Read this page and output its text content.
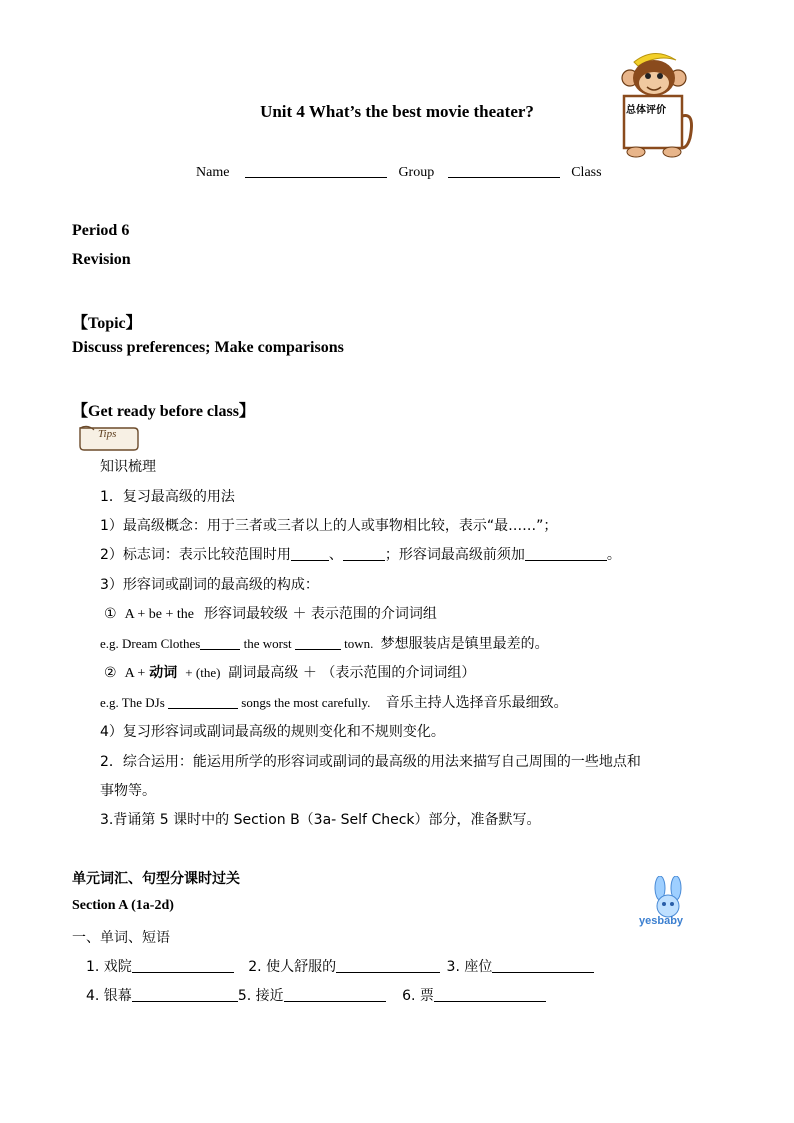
Unit 4 What’s the best movie theater?	总体评价
Name	Group	Class
Period 6
Revision
【Topic】
Discuss preferences; Make comparisons
【Get ready before class】
Tips
知识梳理
1．复习最高级的用法
1）最高级概念：用于三者或三者以上的人或事物相比较，表示“最……”；
2）标志词：表示比较范围时用	、	；形容词最高级前须加	。
3）形容词或副词的最高级的构成：
① A + be + the 形容词最较级 ＋ 表示范围的介词词组
e.g. Dream Clothes	the worst	town. 梦想服装店是镇里最差的。
② A + 动词 + (the) 副词最高级 ＋ （表示范围的介词词组）
e.g. The DJs	songs the most carefully. 音乐主持人选择音乐最细致。
4）复习形容词或副词最高级的规则变化和不规则变化。
2．综合运用：能运用所学的形容词或副词的最高级的用法来描写自己周围的一些地点和
事物等。
3.背诵第 5 课时中的 Section B（3a- Self Check）部分，准备默写。
单元词汇、句型分课时过关
Section A (1a-2d)
一、单词、短语
yesbaby
1. 戏院	2. 使人舒服的	3. 座位
4. 银幕	5. 接近	6. 票
